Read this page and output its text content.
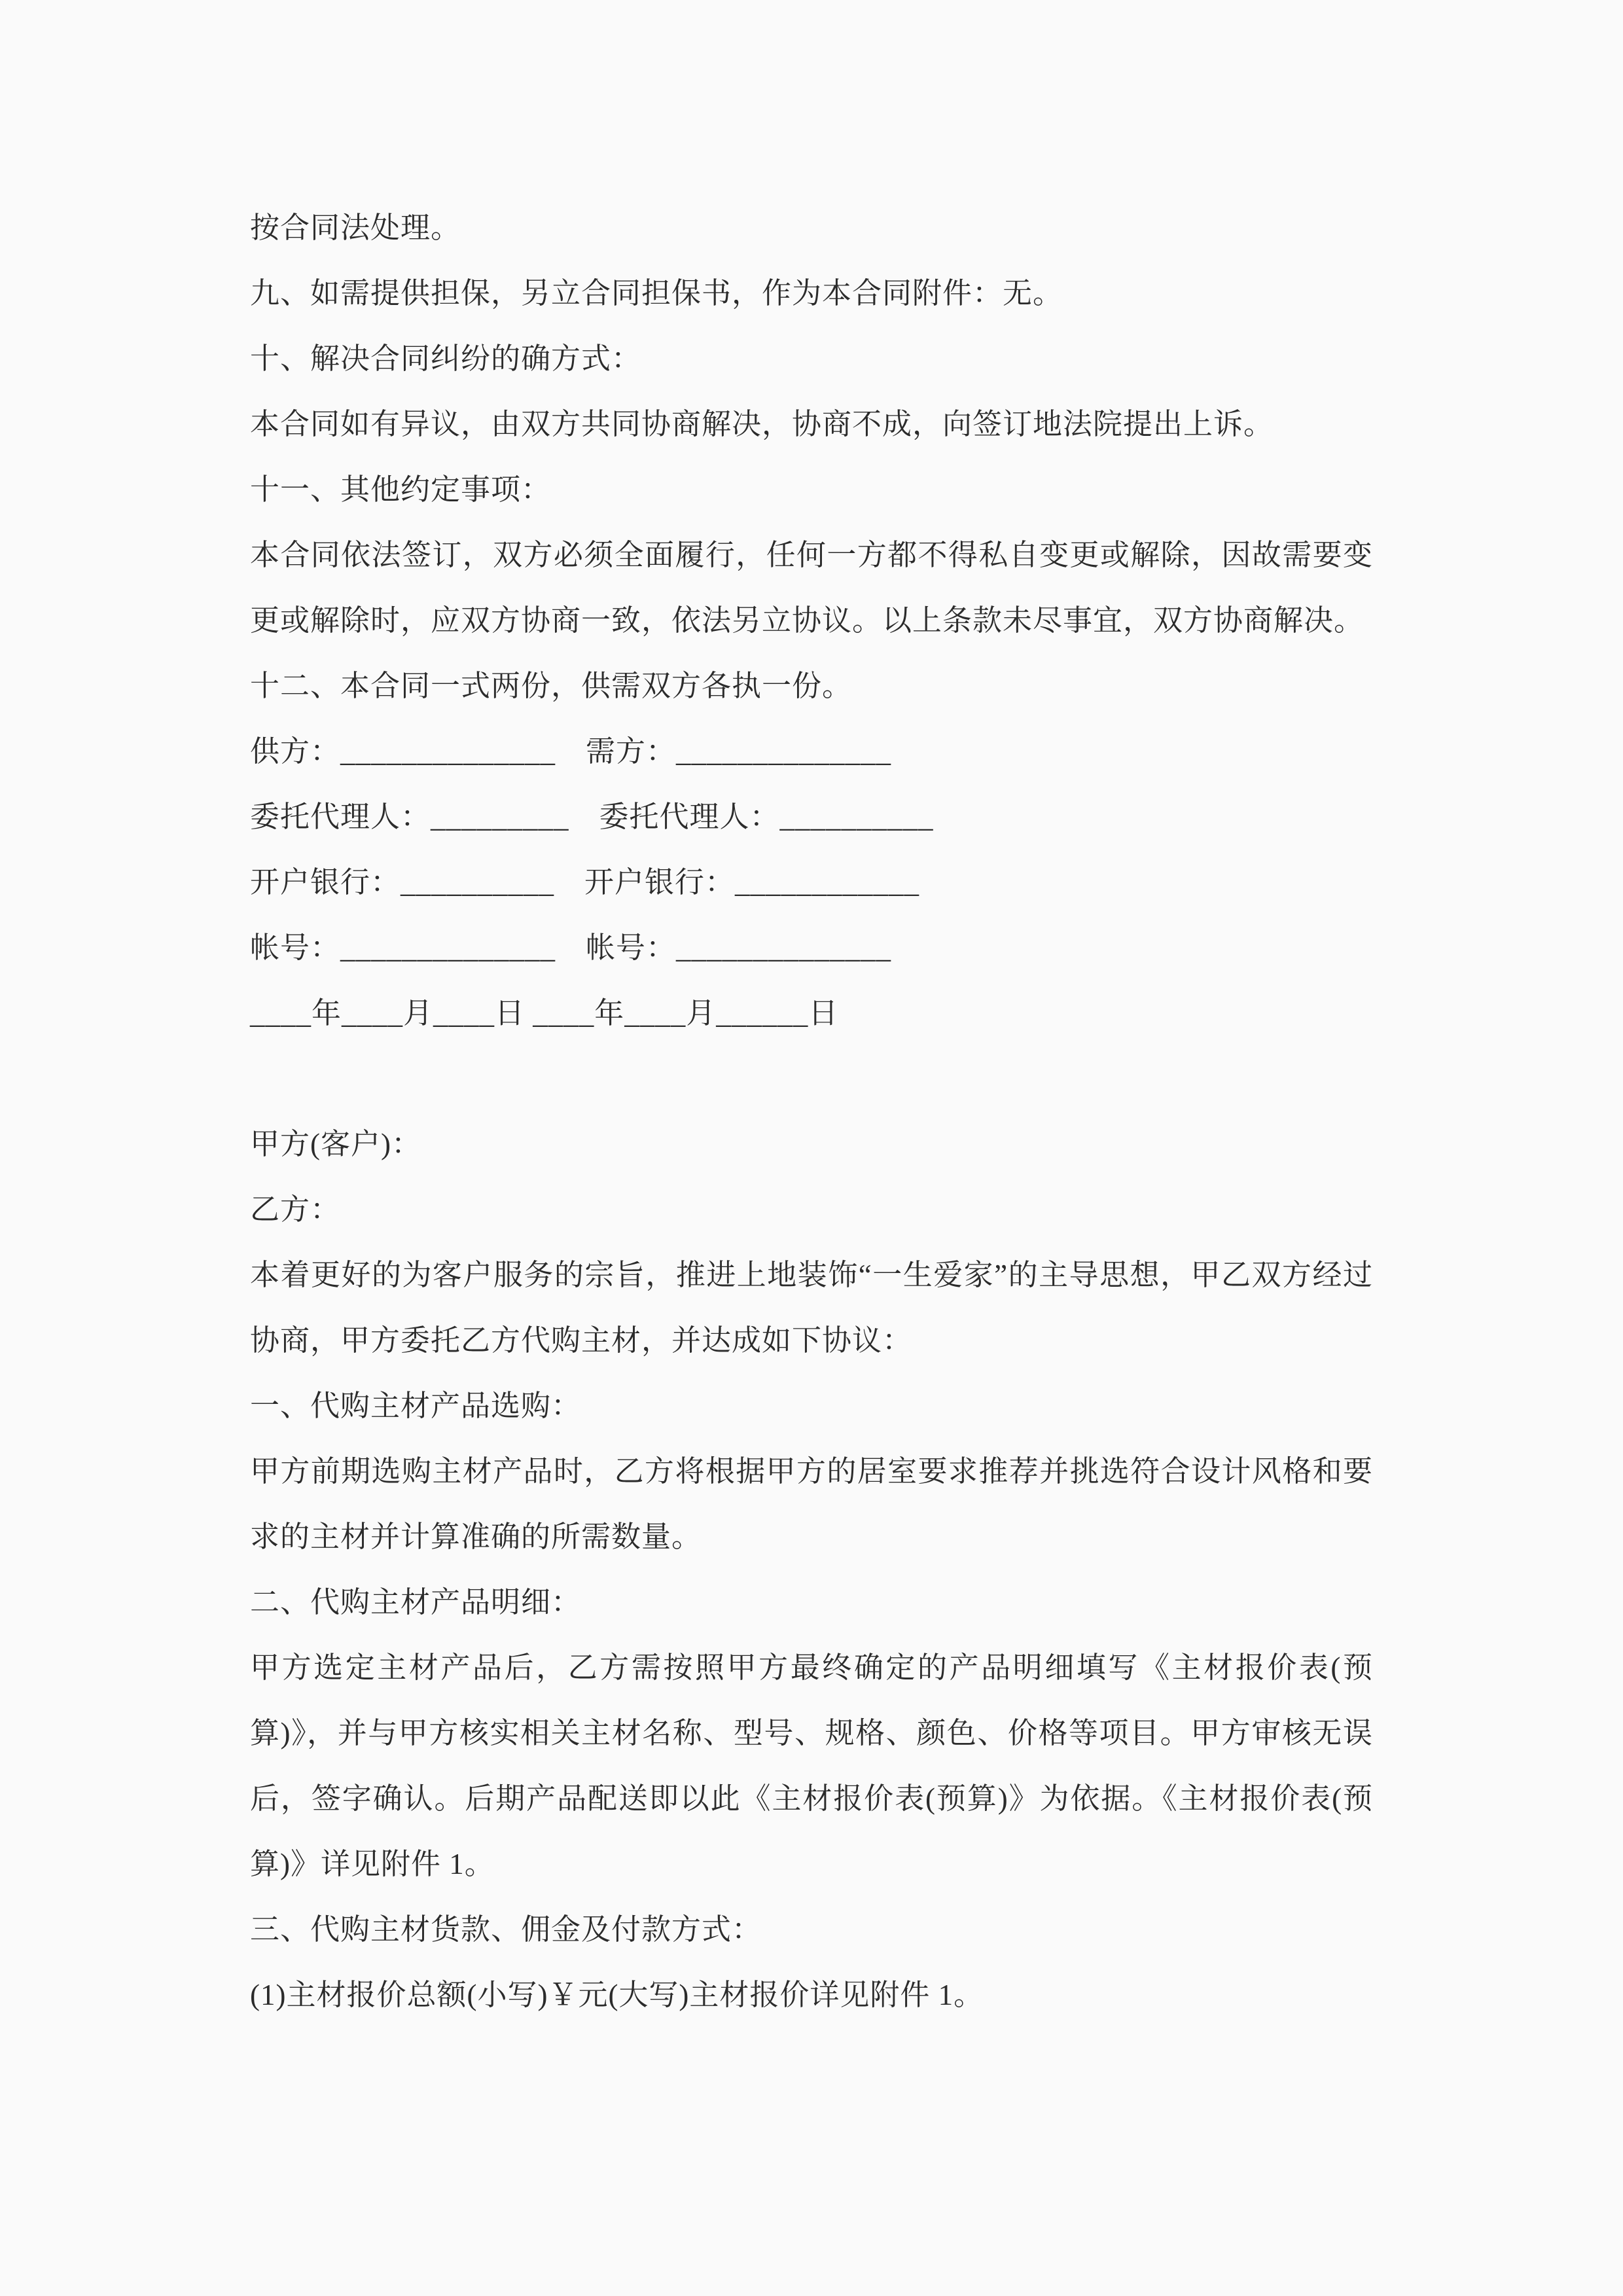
按合同法处理。

九、如需提供担保，另立合同担保书，作为本合同附件：无。

十、解决合同纠纷的确方式：

本合同如有异议，由双方共同协商解决，协商不成，向签订地法院提出上诉。

十一、其他约定事项：

本合同依法签订，双方必须全面履行，任何一方都不得私自变更或解除，因故需要变更或解除时，应双方协商一致，依法另立协议。以上条款未尽事宜，双方协商解决。

十二、本合同一式两份，供需双方各执一份。

供方：______________　需方：______________

委托代理人：_________　委托代理人：__________

开户银行：__________　开户银行：____________

帐号：______________　帐号：______________

____年____月____日 ____年____月______日

甲方(客户)：

乙方：

本着更好的为客户服务的宗旨，推进上地装饰“一生爱家”的主导思想，甲乙双方经过协商，甲方委托乙方代购主材，并达成如下协议：

一、代购主材产品选购：

甲方前期选购主材产品时，乙方将根据甲方的居室要求推荐并挑选符合设计风格和要求的主材并计算准确的所需数量。

二、代购主材产品明细：

甲方选定主材产品后，乙方需按照甲方最终确定的产品明细填写《主材报价表(预算)》，并与甲方核实相关主材名称、型号、规格、颜色、价格等项目。甲方审核无误后，签字确认。后期产品配送即以此《主材报价表(预算)》为依据。《主材报价表(预算)》详见附件 1。

三、代购主材货款、佣金及付款方式：

(1)主材报价总额(小写)￥元(大写)主材报价详见附件 1。
